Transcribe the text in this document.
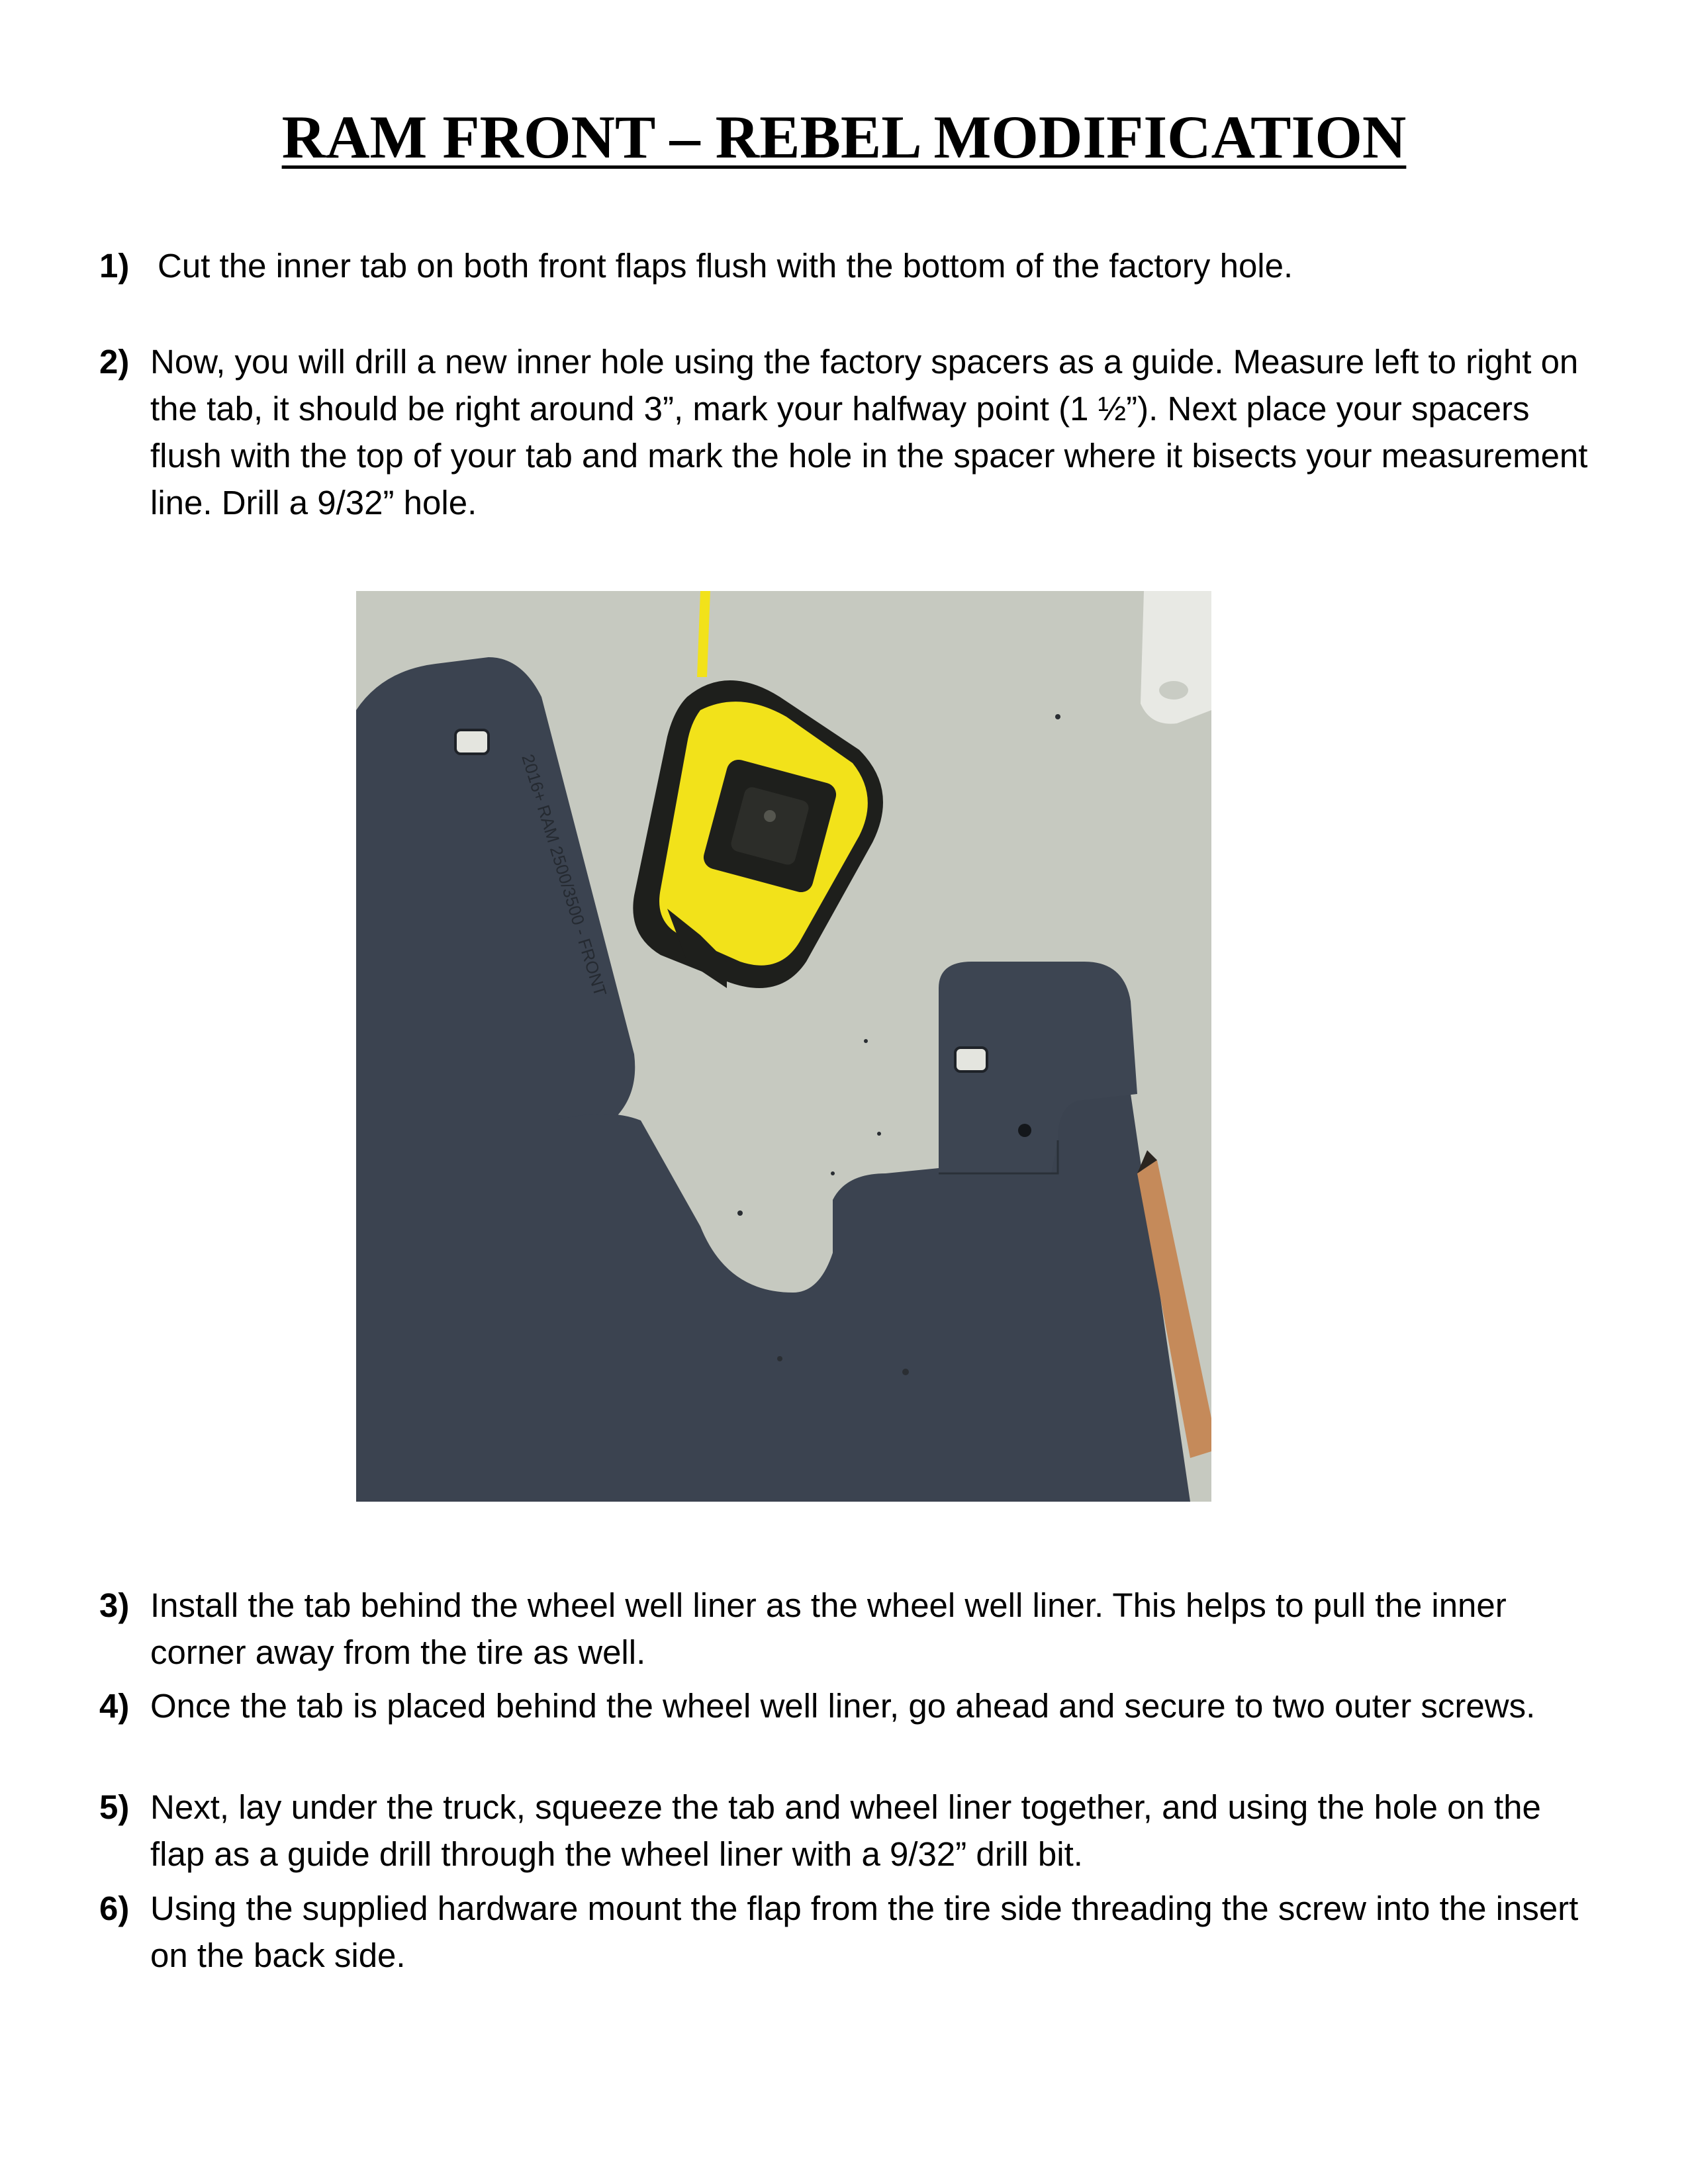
RAM FRONT – REBEL MODIFICATION
1) Cut the inner tab on both front flaps flush with the bottom of the factory hole.
2) Now, you will drill a new inner hole using the factory spacers as a guide. Measure left to right on the tab, it should be right around 3”, mark your halfway point (1 ½”). Next place your spacers flush with the top of your tab and mark the hole in the spacer where it bisects your measurement line. Drill a 9/32” hole.
2016+ RAM 2500/3500 - FRONT
3) Install the tab behind the wheel well liner as the wheel well liner. This helps to pull the inner corner away from the tire as well.
4) Once the tab is placed behind the wheel well liner, go ahead and secure to two outer screws.
5) Next, lay under the truck, squeeze the tab and wheel liner together, and using the hole on the flap as a guide drill through the wheel liner with a 9/32” drill bit.
6) Using the supplied hardware mount the flap from the tire side threading the screw into the insert on the back side.
